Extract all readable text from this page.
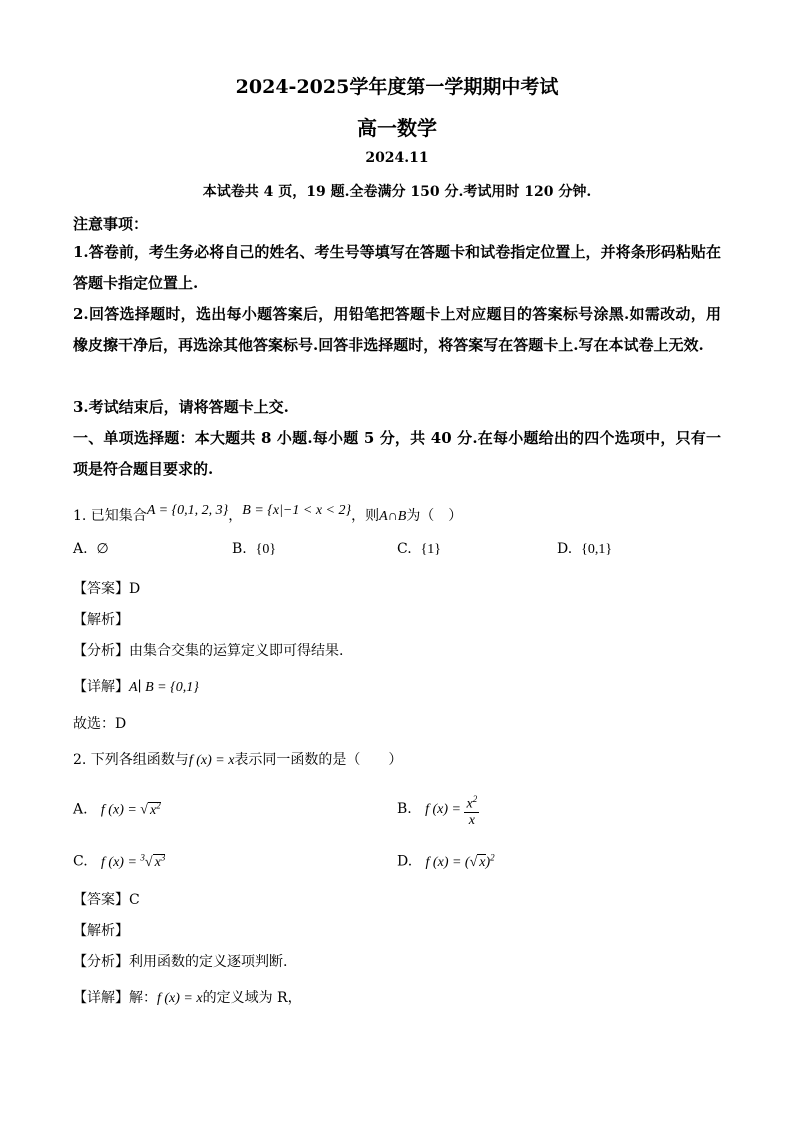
2024-2025学年度第一学期期中考试
高一数学
2024.11
本试卷共 4 页，19 题.全卷满分 150 分.考试用时 120 分钟.
注意事项：
1.答卷前，考生务必将自己的姓名、考生号等填写在答题卡和试卷指定位置上，并将条形码粘贴在答题卡指定位置上.
2.回答选择题时，选出每小题答案后，用铅笔把答题卡上对应题目的答案标号涂黑.如需改动，用橡皮擦干净后，再选涂其他答案标号.回答非选择题时，将答案写在答题卡上.写在本试卷上无效.
3.考试结束后，请将答题卡上交.
一、单项选择题：本大题共 8 小题.每小题 5 分，共 40 分.在每小题给出的四个选项中，只有一项是符合题目要求的.
1. 已知集合A = {0,1, 2, 3}，B = {x|−1 < x < 2}，则A∩B为（　）
A. ∅	B. {0}	C. {1}	D. {0,1}
【答案】D
【解析】
【分析】由集合交集的运算定义即可得结果.
【详解】A∣ B = {0,1}
故选：D
2. 下列各组函数与f (x) = x表示同一函数的是（　　）
A. f (x) = √ $x^2$	B. f $(x) = \frac{x^2}{x}$
C. f (x) = $^3$√ $x^3$	D. f (x) = (√ x)$^2$
【答案】C
【解析】
【分析】利用函数的定义逐项判断.
【详解】解：f (x) = x的定义域为 R，
